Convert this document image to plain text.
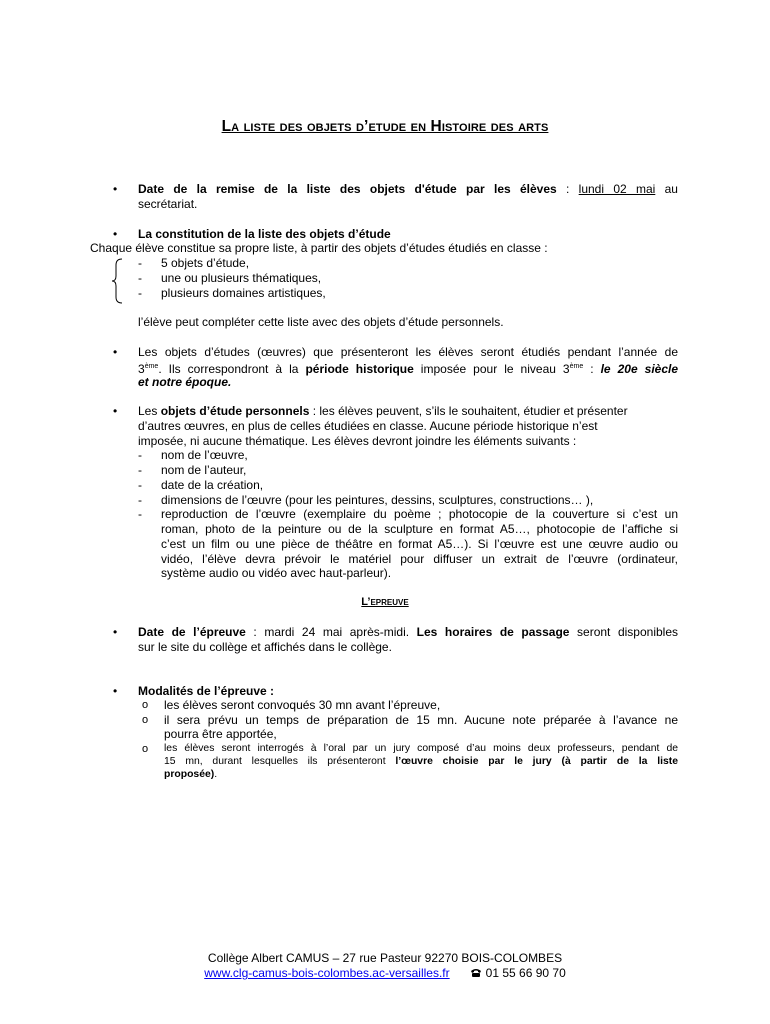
La liste des objets d’etude en Histoire des arts
• Date de la remise de la liste des objets d'étude par les élèves : lundi 02 mai au
secrétariat.
• La constitution de la liste des objets d’étude
Chaque élève constitue sa propre liste, à partir des objets d’études étudiés en classe :
- 5 objets d’étude,
- une ou plusieurs thématiques,
- plusieurs domaines artistiques,
l’élève peut compléter cette liste avec des objets d’étude personnels.
• Les objets d’études (œuvres) que présenteront les élèves seront étudiés pendant l’année de
3ème. Ils correspondront à la période historique imposée pour le niveau 3ème : le 20e siècle
et notre époque.
• Les objets d’étude personnels : les élèves peuvent, s’ils le souhaitent, étudier et présenter
d’autres œuvres, en plus de celles étudiées en classe. Aucune période historique n’est
imposée, ni aucune thématique. Les élèves devront joindre les éléments suivants :
- nom de l’œuvre,
- nom de l’auteur,
- date de la création,
- dimensions de l’œuvre (pour les peintures, dessins, sculptures, constructions… ),
- reproduction de l’œuvre (exemplaire du poème ; photocopie de la couverture si c’est un
roman, photo de la peinture ou de la sculpture en format A5…, photocopie de l’affiche si
c’est un film ou une pièce de théâtre en format A5…). Si l’œuvre est une œuvre audio ou
vidéo, l’élève devra prévoir le matériel pour diffuser un extrait de l’œuvre (ordinateur,
système audio ou vidéo avec haut-parleur).
L’epreuve
• Date de l’épreuve : mardi 24 mai après-midi. Les horaires de passage seront disponibles
sur le site du collège et affichés dans le collège.
• Modalités de l’épreuve :
o les élèves seront convoqués 30 mn avant l’épreuve,
o il sera prévu un temps de préparation de 15 mn. Aucune note préparée à l’avance ne
pourra être apportée,
o les élèves seront interrogés à l’oral par un jury composé d’au moins deux professeurs, pendant de
15 mn, durant lesquelles ils présenteront l’œuvre choisie par le jury (à partir de la liste
proposée).
Collège Albert CAMUS – 27 rue Pasteur 92270 BOIS-COLOMBES
www.clg-camus-bois-colombes.ac-versailles.fr	01 55 66 90 70
